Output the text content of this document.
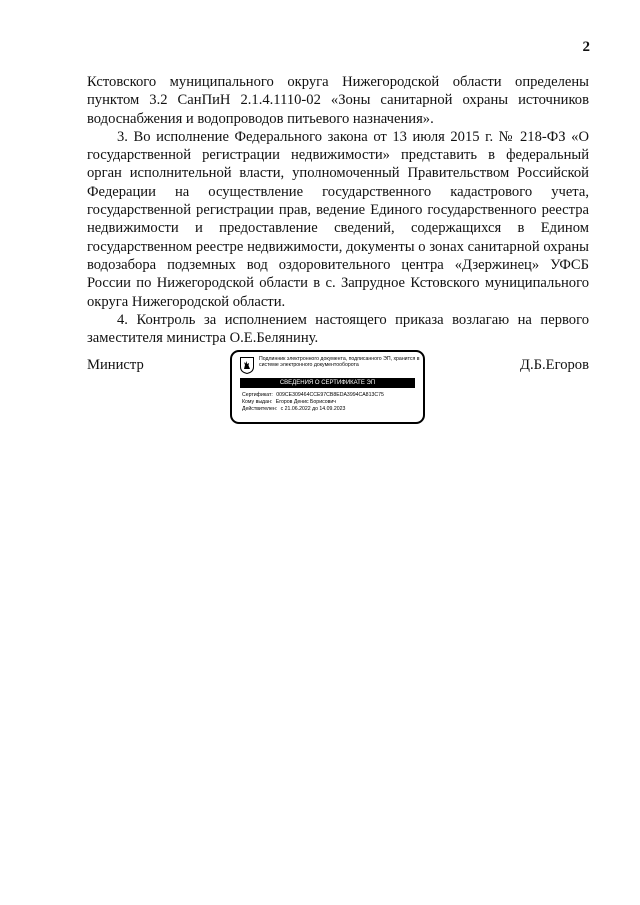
2

Кстовского муниципального округа Нижегородской области определены пунктом 3.2 СанПиН 2.1.4.1110-02 «Зоны санитарной охраны источников водоснабжения и водопроводов питьевого назначения».

3. Во исполнение Федерального закона от 13 июля 2015 г. № 218-ФЗ «О государственной регистрации недвижимости» представить в федеральный орган исполнительной власти, уполномоченный Правительством Российской Федерации на осуществление государственного кадастрового учета, государственной регистрации прав, ведение Единого государственного реестра недвижимости и предоставление сведений, содержащихся в Едином государственном реестре недвижимости, документы о зонах санитарной охраны водозабора подземных вод оздоровительного центра «Дзержинец» УФСБ России по Нижегородской области в с. Запрудное Кстовского муниципального округа Нижегородской области.

4. Контроль за исполнением настоящего приказа возлагаю на первого заместителя министра О.Е.Белянину.

Министр	Подлинник электронного документа, подписанного ЭП, хранится в системе электронного документооборота
СВЕДЕНИЯ О СЕРТИФИКАТЕ ЭП
Сертификат: 009CE309464CCE97CB8EDA3994CA813C75
Кому выдан: Егоров Денис Борисович
Действителен: с 21.06.2022 до 14.09.2023
Д.Б.Егоров
